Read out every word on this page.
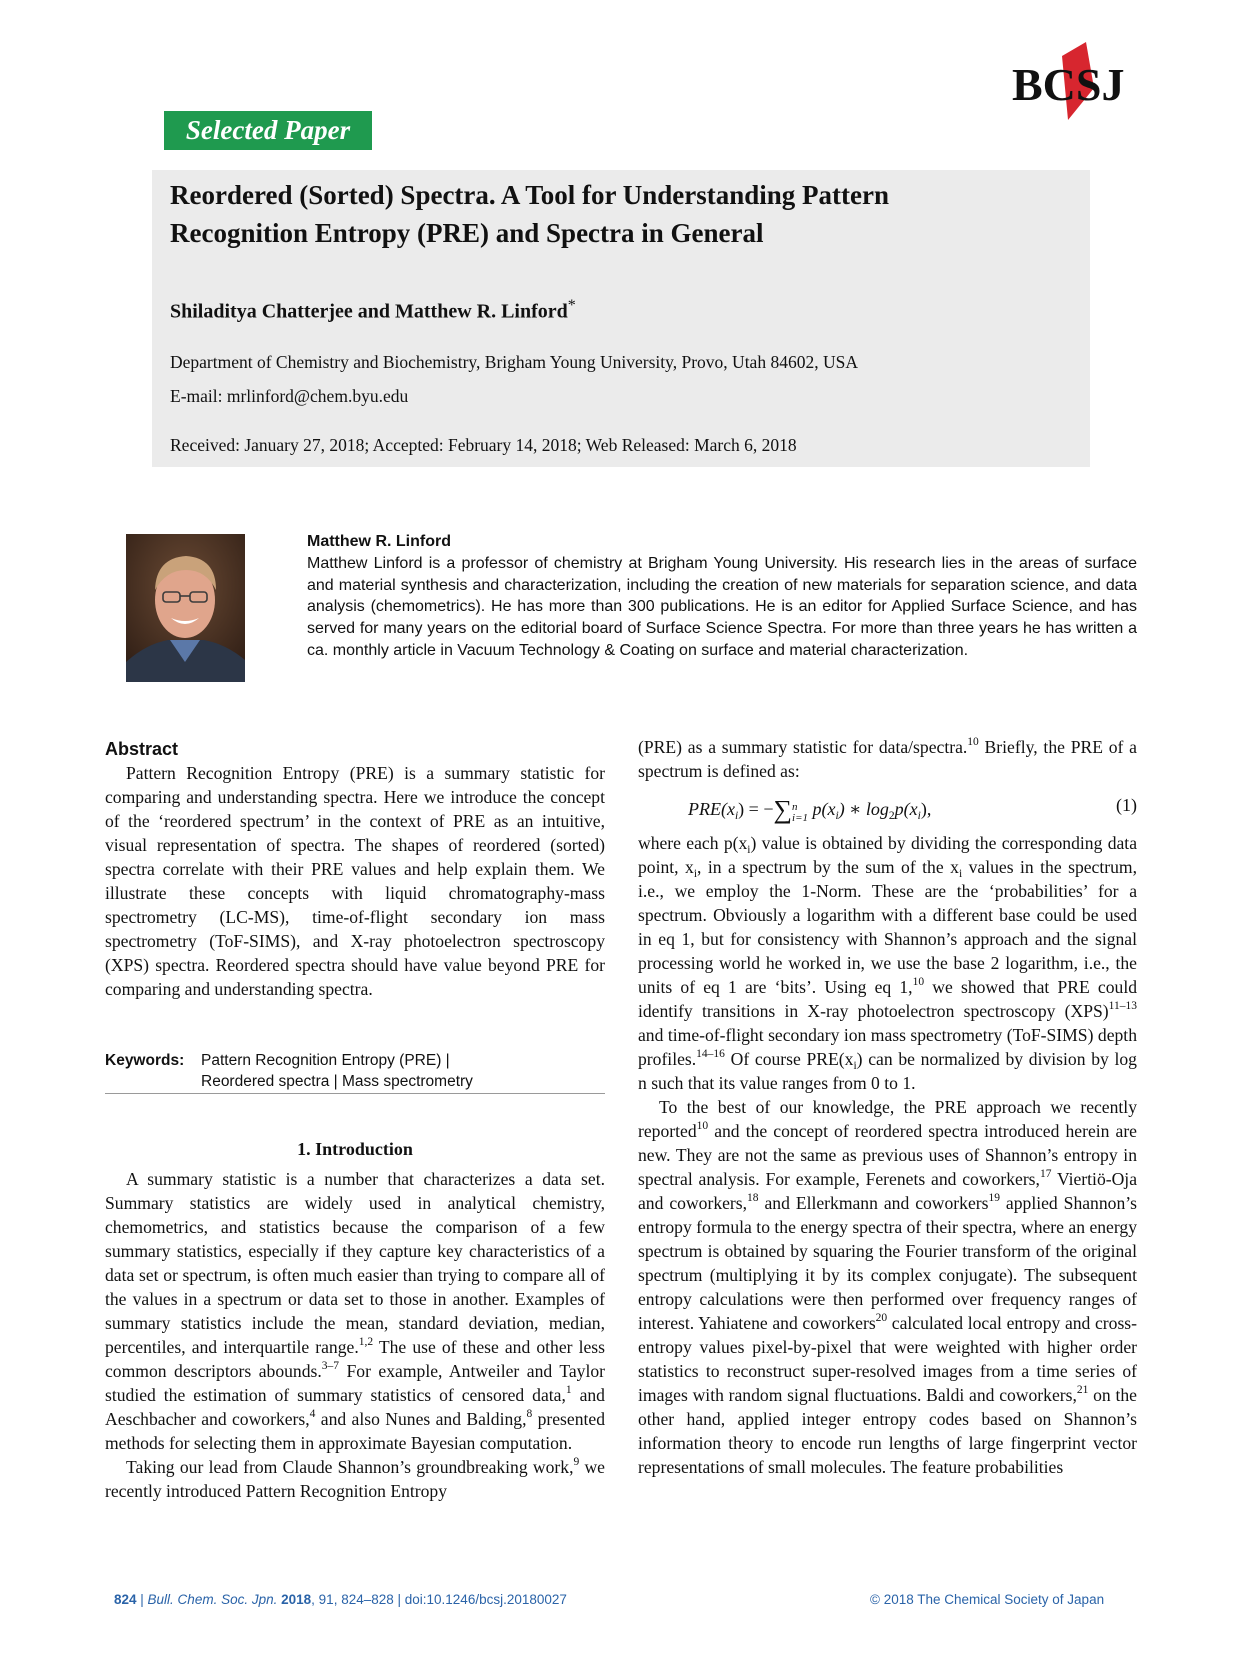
BCSJ
Selected Paper
Reordered (Sorted) Spectra. A Tool for Understanding Pattern
Recognition Entropy (PRE) and Spectra in General
Shiladitya Chatterjee and Matthew R. Linford*
Department of Chemistry and Biochemistry, Brigham Young University, Provo, Utah 84602, USA
E-mail: mrlinford@chem.byu.edu
Received: January 27, 2018; Accepted: February 14, 2018; Web Released: March 6, 2018
Matthew R. Linford
Matthew Linford is a professor of chemistry at Brigham Young University. His research lies in the areas of surface and material synthesis and characterization, including the creation of new materials for separation science, and data analysis (chemometrics). He has more than 300 publications. He is an editor for Applied Surface Science, and has served for many years on the editorial board of Surface Science Spectra. For more than three years he has written a ca. monthly article in Vacuum Technology & Coating on surface and material characterization.
Abstract

Pattern Recognition Entropy (PRE) is a summary statistic for comparing and understanding spectra. Here we introduce the concept of the ‘reordered spectrum’ in the context of PRE as an intuitive, visual representation of spectra. The shapes of reordered (sorted) spectra correlate with their PRE values and help explain them. We illustrate these concepts with liquid chromatography-mass spectrometry (LC-MS), time-of-flight secondary ion mass spectrometry (ToF-SIMS), and X-ray photoelectron spectroscopy (XPS) spectra. Reordered spectra should have value beyond PRE for comparing and understanding spectra.

Keywords: Pattern Recognition Entropy (PRE) |
Reordered spectra | Mass spectrometry
1. Introduction

A summary statistic is a number that characterizes a data set. Summary statistics are widely used in analytical chemistry, chemometrics, and statistics because the comparison of a few summary statistics, especially if they capture key characteristics of a data set or spectrum, is often much easier than trying to compare all of the values in a spectrum or data set to those in another. Examples of summary statistics include the mean, standard deviation, median, percentiles, and interquartile range.$^{1,2}$ The use of these and other less common descriptors abounds.$^{3-7}$ For example, Antweiler and Taylor studied the estimation of summary statistics of censored data,$^1$ and Aeschbacher and coworkers,$^4$ and also Nunes and Balding,$^8$ presented methods for selecting them in approximate Bayesian computation.

Taking our lead from Claude Shannon’s groundbreaking work,$^9$ we recently introduced Pattern Recognition Entropy

(PRE) as a summary statistic for data/spectra.$^{10}$ Briefly, the PRE of a spectrum is defined as:

$PRE(x_i)$ = −∑ n
i=1 $p(x_i)$ ∗ $\log_2p(x_i)$,	(1)

where each $p(x_i)$ value is obtained by dividing the corresponding data point, $x_i$, in a spectrum by the sum of the $x_i$ values in the spectrum, i.e., we employ the 1-Norm. These are the ‘probabilities’ for a spectrum. Obviously a logarithm with a different base could be used in eq 1, but for consistency with Shannon’s approach and the signal processing world he worked in, we use the base 2 logarithm, i.e., the units of eq 1 are ‘bits’. Using eq 1,10 we showed that PRE could identify transitions in X-ray photoelectron spectroscopy (XPS)$^{11-13}$ and time-of-flight secondary ion mass spectrometry (ToF-SIMS) depth profiles.$^{14-16}$ Of course $PRE(x_i)$ can be normalized by division by log n such that its value ranges from 0 to 1.

To the best of our knowledge, the PRE approach we recently reported$^{10}$ and the concept of reordered spectra introduced herein are new. They are not the same as previous uses of Shannon’s entropy in spectral analysis. For example, Ferenets and coworkers,$^{17}$ Viertiö-Oja and coworkers,$^{18}$ and Ellerkmann and coworkers$^{19}$ applied Shannon’s entropy formula to the energy spectra of their spectra, where an energy spectrum is obtained by squaring the Fourier transform of the original spectrum (multiplying it by its complex conjugate). The subsequent entropy calculations were then performed over frequency ranges of interest. Yahiatene and coworkers$^{20}$ calculated local entropy and cross-entropy values pixel-by-pixel that were weighted with higher order statistics to reconstruct super-resolved images from a time series of images with random signal fluctuations. Baldi and coworkers,$^{21}$ on the other hand, applied integer entropy codes based on Shannon’s information theory to encode run lengths of large fingerprint vector representations of small molecules. The feature probabilities

824 | Bull. Chem. Soc. Jpn. 2018, 91, 824–828 | doi:10.1246/bcsj.20180027	© 2018 The Chemical Society of Japan
